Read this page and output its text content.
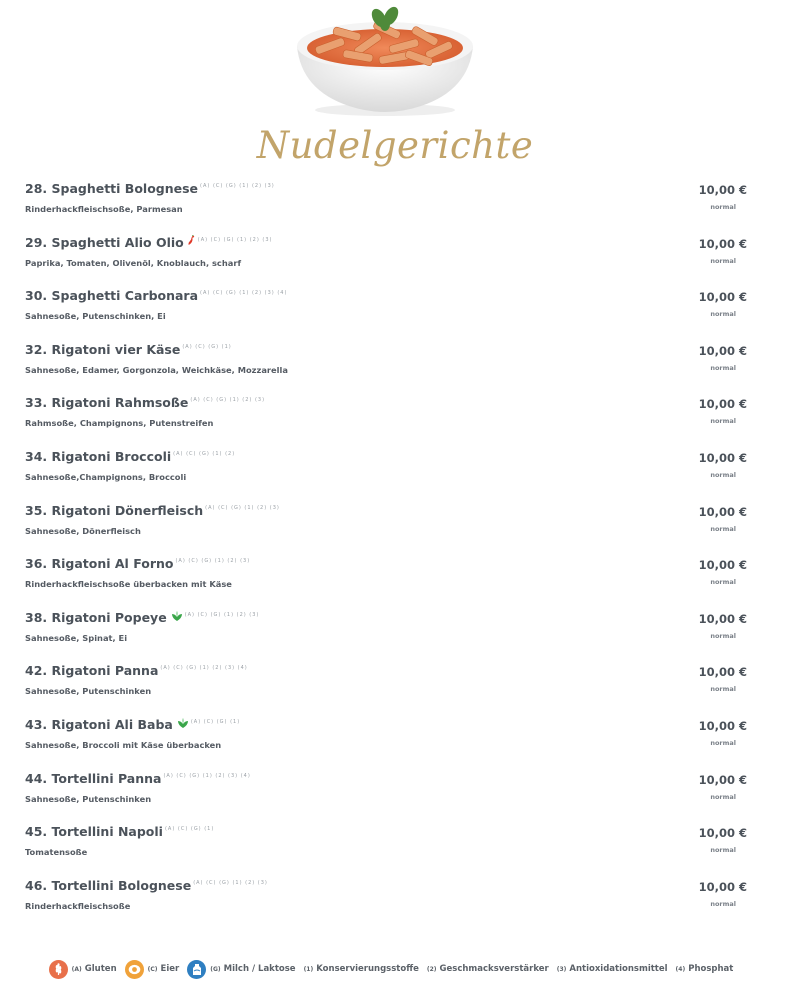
Nudelgerichte
28. Spaghetti Bolognese $^{(A) (C) (G) (1) (2) (3)}$
Rinderhackfleischsoße, Parmesan
10,00 €
normal
29. Spaghetti Alio Olio	$^{(A) (C) (G) (1) (2) (3)}$
Paprika, Tomaten, Olivenöl, Knoblauch, scharf
10,00 €
normal
30. Spaghetti Carbonara $^{(A) (C) (G) (1) (2) (3) (4)}$
Sahnesoße, Putenschinken, Ei
10,00 €
normal
32. Rigatoni vier Käse $^{(A) (C) (G) (1)}$
Sahnesoße, Edamer, Gorgonzola, Weichkäse, Mozzarella
10,00 €
normal
33. Rigatoni Rahmsoße $^{(A) (C) (G) (1) (2) (3)}$
Rahmsoße, Champignons, Putenstreifen
10,00 €
normal
34. Rigatoni Broccoli $^{(A) (C) (G) (1) (2)}$
Sahnesoße,Champignons, Broccoli
10,00 €
normal
35. Rigatoni Dönerfleisch $^{(A) (C) (G) (1) (2) (3)}$
Sahnesoße, Dönerfleisch
10,00 €
normal
36. Rigatoni Al Forno $^{(A) (C) (G) (1) (2) (3)}$
Rinderhackfleischsoße überbacken mit Käse
10,00 €
normal
38. Rigatoni Popeye	$^{(A) (C) (G) (1) (2) (3)}$
Sahnesoße, Spinat, Ei
10,00 €
normal
42. Rigatoni Panna $^{(A) (C) (G) (1) (2) (3) (4)}$
Sahnesoße, Putenschinken
10,00 €
normal
43. Rigatoni Ali Baba	$^{(A) (C) (G) (1)}$
Sahnesoße, Broccoli mit Käse überbacken
10,00 €
normal
44. Tortellini Panna $^{(A) (C) (G) (1) (2) (3) (4)}$
Sahnesoße, Putenschinken
10,00 €
normal
45. Tortellini Napoli $^{(A) (C) (G) (1)}$
Tomatensoße
10,00 €
normal
46. Tortellini Bolognese $^{(A) (C) (G) (1) (2) (3)}$
Rinderhackfleischsoße
10,00 €
normal
(A) Gluten	(C) Eier	(G) Milch / Laktose (1) Konservierungsstoffe (2) Geschmacksverstärker (3) Antioxidationsmittel (4) Phosphat
